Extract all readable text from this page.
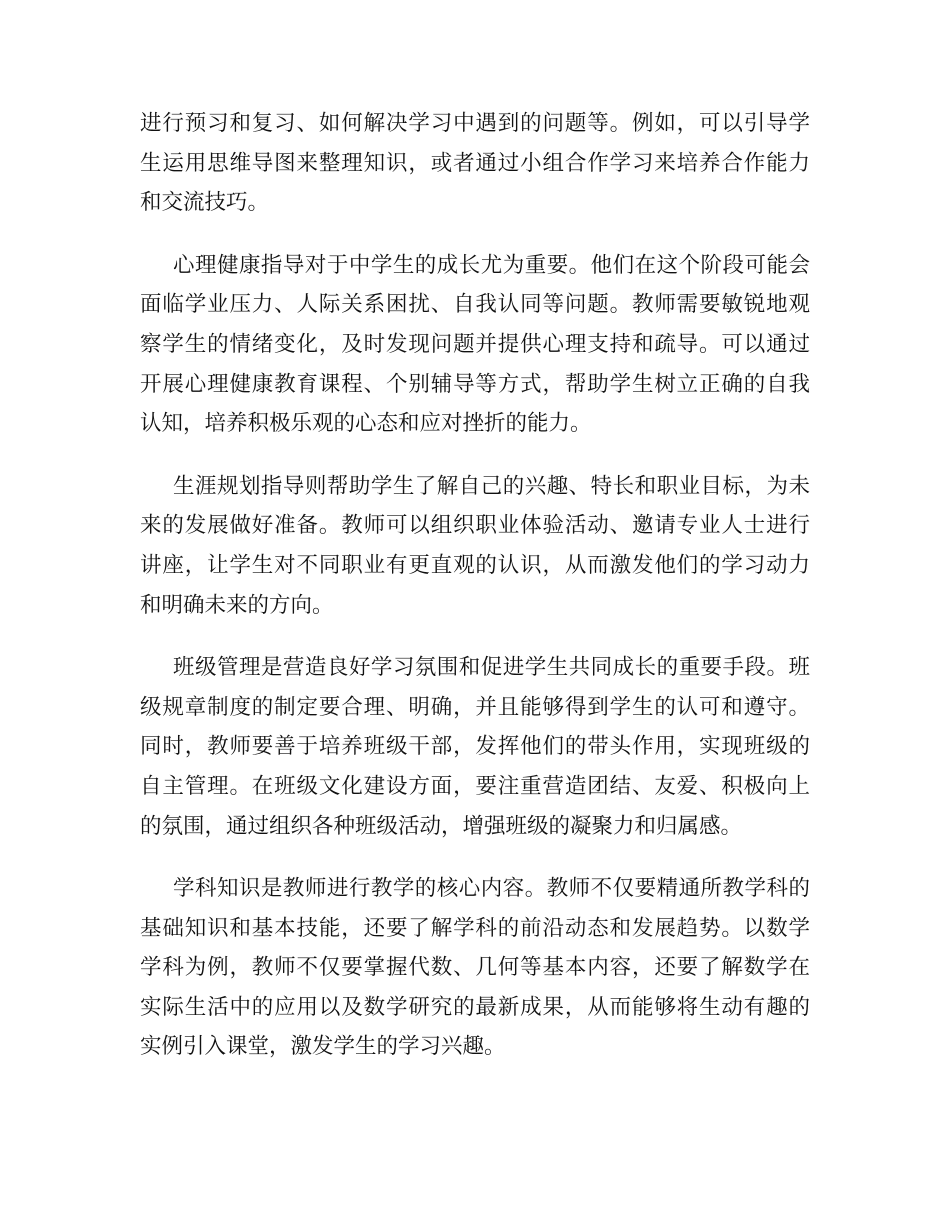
进行预习和复习、如何解决学习中遇到的问题等。例如，可以引导学
生运用思维导图来整理知识，或者通过小组合作学习来培养合作能力
和交流技巧。

心理健康指导对于中学生的成长尤为重要。他们在这个阶段可能会
面临学业压力、人际关系困扰、自我认同等问题。教师需要敏锐地观
察学生的情绪变化，及时发现问题并提供心理支持和疏导。可以通过
开展心理健康教育课程、个别辅导等方式，帮助学生树立正确的自我
认知，培养积极乐观的心态和应对挫折的能力。

生涯规划指导则帮助学生了解自己的兴趣、特长和职业目标，为未
来的发展做好准备。教师可以组织职业体验活动、邀请专业人士进行
讲座，让学生对不同职业有更直观的认识，从而激发他们的学习动力
和明确未来的方向。

班级管理是营造良好学习氛围和促进学生共同成长的重要手段。班
级规章制度的制定要合理、明确，并且能够得到学生的认可和遵守。
同时，教师要善于培养班级干部，发挥他们的带头作用，实现班级的
自主管理。在班级文化建设方面，要注重营造团结、友爱、积极向上
的氛围，通过组织各种班级活动，增强班级的凝聚力和归属感。

学科知识是教师进行教学的核心内容。教师不仅要精通所教学科的
基础知识和基本技能，还要了解学科的前沿动态和发展趋势。以数学
学科为例，教师不仅要掌握代数、几何等基本内容，还要了解数学在
实际生活中的应用以及数学研究的最新成果，从而能够将生动有趣的
实例引入课堂，激发学生的学习兴趣。
